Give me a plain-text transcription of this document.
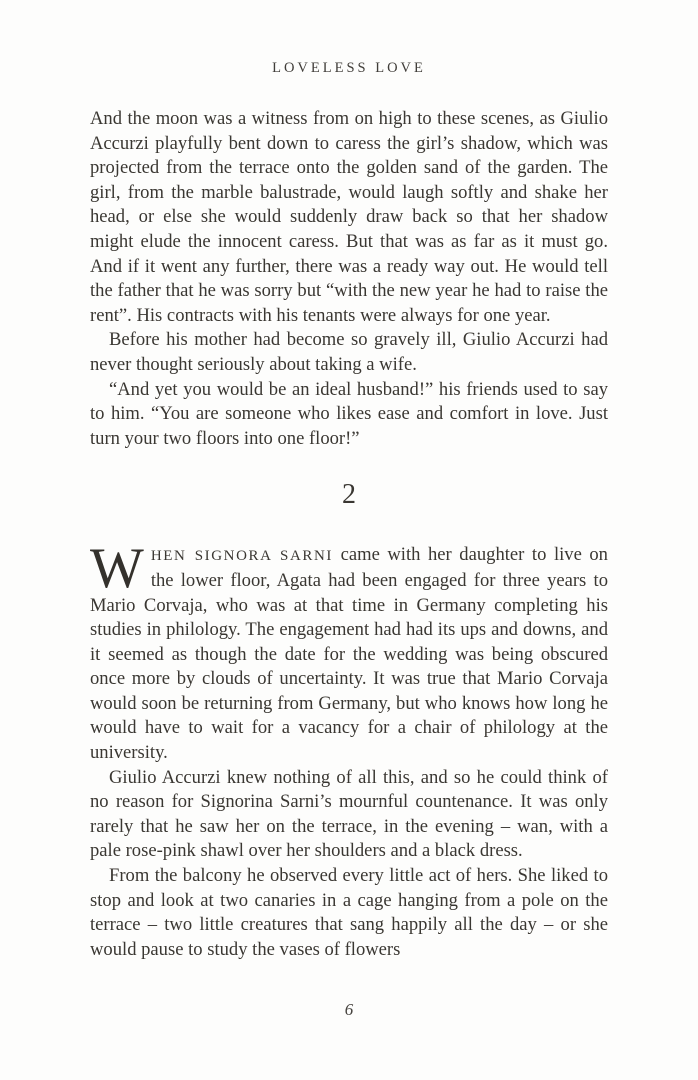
LOVELESS LOVE

And the moon was a witness from on high to these scenes, as Giulio Accurzi playfully bent down to caress the girl’s shadow, which was projected from the terrace onto the golden sand of the garden. The girl, from the marble balustrade, would laugh softly and shake her head, or else she would suddenly draw back so that her shadow might elude the innocent caress. But that was as far as it must go. And if it went any further, there was a ready way out. He would tell the father that he was sorry but “with the new year he had to raise the rent”. His contracts with his tenants were always for one year.

Before his mother had become so gravely ill, Giulio Accurzi had never thought seriously about taking a wife.

“And yet you would be an ideal husband!” his friends used to say to him. “You are someone who likes ease and comfort in love. Just turn your two floors into one floor!”

2

WHEN SIGNORA SARNI came with her daughter to live on the lower floor, Agata had been engaged for three years to Mario Corvaja, who was at that time in Germany completing his studies in philology. The engagement had had its ups and downs, and it seemed as though the date for the wedding was being obscured once more by clouds of uncertainty. It was true that Mario Corvaja would soon be returning from Germany, but who knows how long he would have to wait for a vacancy for a chair of philology at the university.

Giulio Accurzi knew nothing of all this, and so he could think of no reason for Signorina Sarni’s mournful countenance. It was only rarely that he saw her on the terrace, in the evening – wan, with a pale rose-pink shawl over her shoulders and a black dress.

From the balcony he observed every little act of hers. She liked to stop and look at two canaries in a cage hanging from a pole on the terrace – two little creatures that sang happily all the day – or she would pause to study the vases of flowers

6
